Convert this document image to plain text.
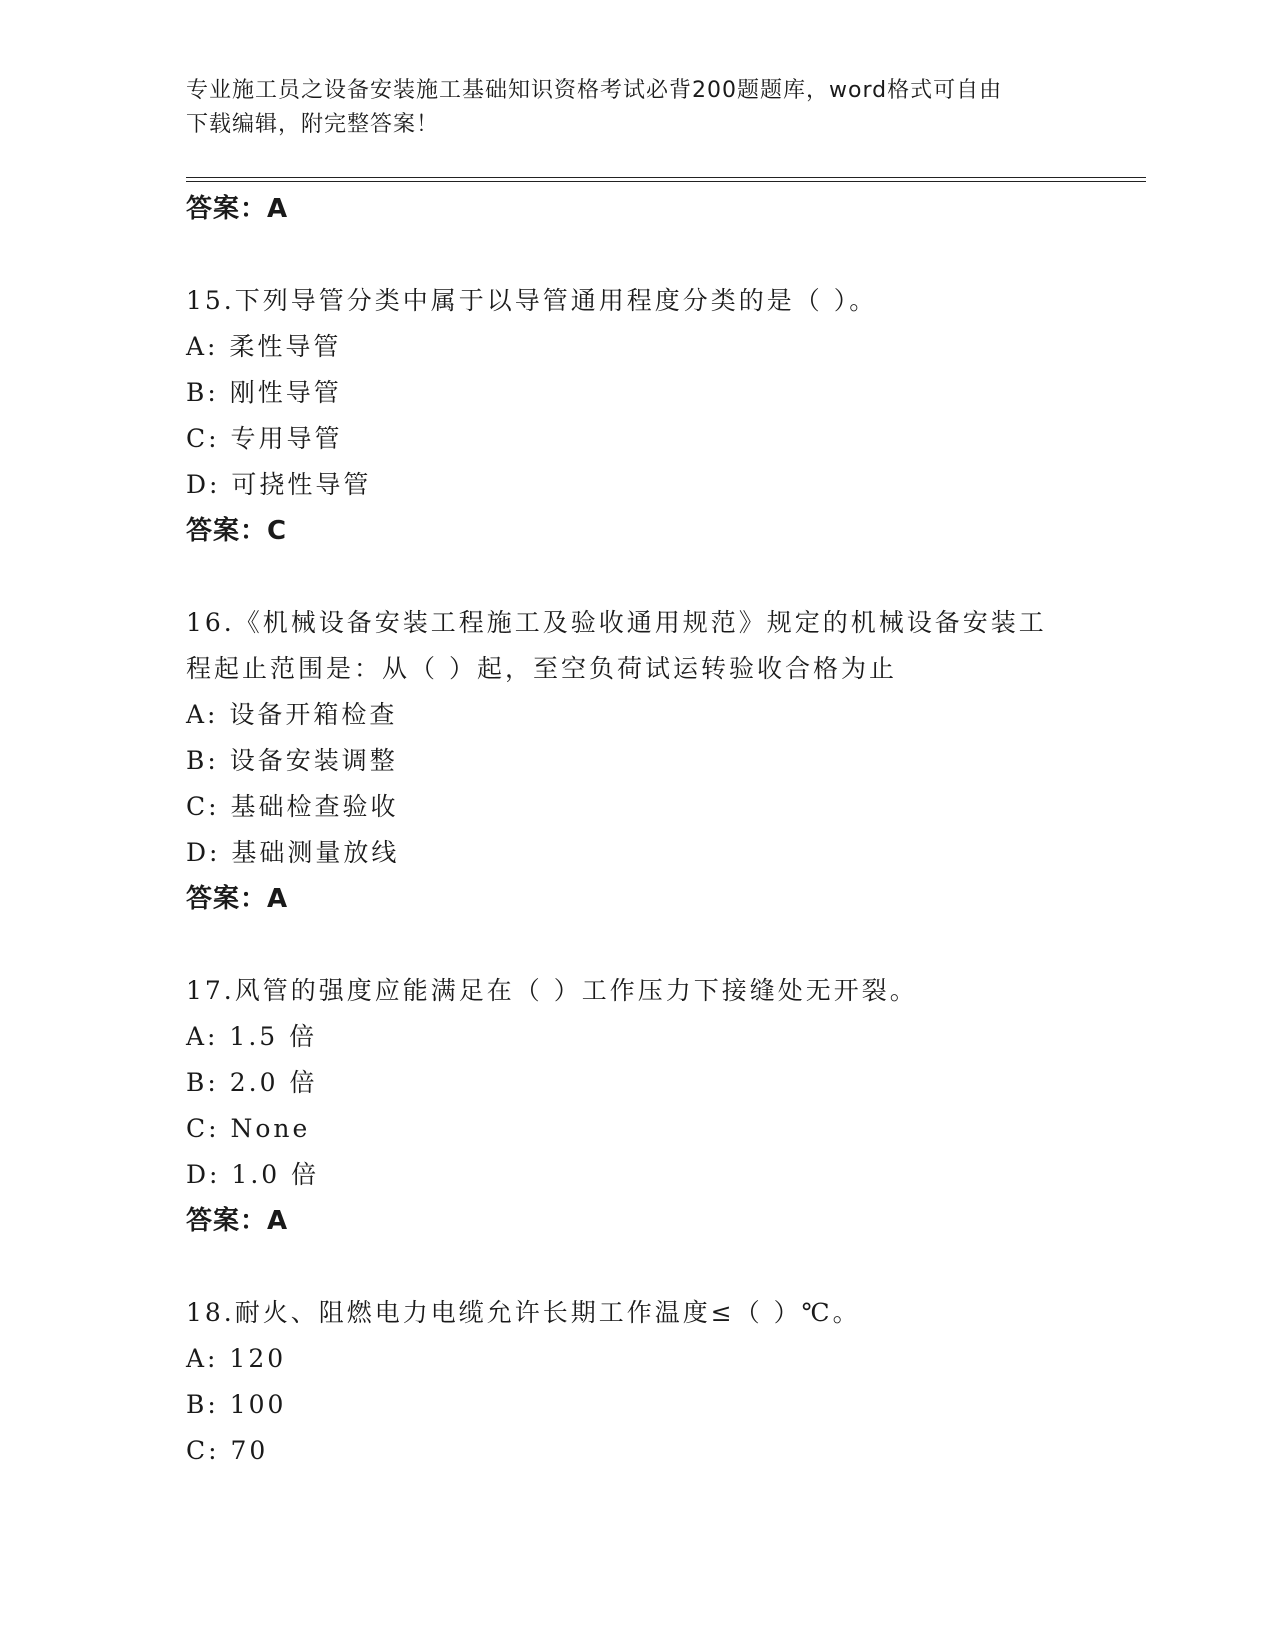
专业施工员之设备安装施工基础知识资格考试必背200题题库，word格式可自由
下载编辑，附完整答案！
答案：A
15.下列导管分类中属于以导管通用程度分类的是（ ）。
A: 柔性导管
B: 刚性导管
C: 专用导管
D: 可挠性导管
答案：C
16.《机械设备安装工程施工及验收通用规范》规定的机械设备安装工
程起止范围是：从（ ）起，至空负荷试运转验收合格为止
A: 设备开箱检查
B: 设备安装调整
C: 基础检查验收
D: 基础测量放线
答案：A
17.风管的强度应能满足在（ ）工作压力下接缝处无开裂。
A: 1.5 倍
B: 2.0 倍
C: None
D: 1.0 倍
答案：A
18.耐火、阻燃电力电缆允许长期工作温度≤（ ）℃。
A: 120
B: 100
C: 70
